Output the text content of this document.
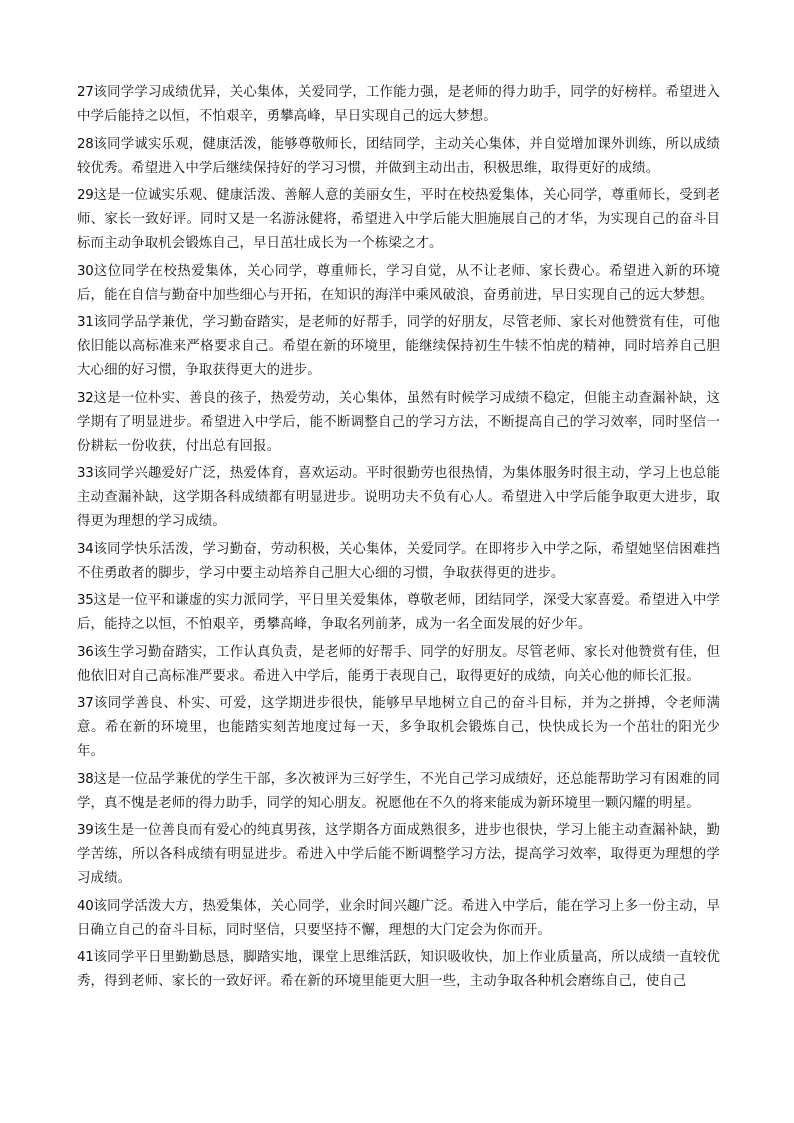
27该同学学习成绩优异，关心集体，关爱同学，工作能力强，是老师的得力助手，同学的好榜样。希望进入中学后能持之以恒，不怕艰辛，勇攀高峰，早日实现自己的远大梦想。

28该同学诚实乐观，健康活泼，能够尊敬师长，团结同学，主动关心集体，并自觉增加课外训练，所以成绩较优秀。希望进入中学后继续保持好的学习习惯，并做到主动出击，积极思维，取得更好的成绩。

29这是一位诚实乐观、健康活泼、善解人意的美丽女生，平时在校热爱集体，关心同学，尊重师长，受到老师、家长一致好评。同时又是一名游泳健将，希望进入中学后能大胆施展自己的才华，为实现自己的奋斗目标而主动争取机会锻炼自己，早日茁壮成长为一个栋梁之才。

30这位同学在校热爱集体，关心同学，尊重师长，学习自觉，从不让老师、家长费心。希望进入新的环境后，能在自信与勤奋中加些细心与开拓，在知识的海洋中乘风破浪，奋勇前进，早日实现自己的远大梦想。

31该同学品学兼优，学习勤奋踏实，是老师的好帮手，同学的好朋友，尽管老师、家长对他赞赏有佳，可他依旧能以高标准来严格要求自己。希望在新的环境里，能继续保持初生牛犊不怕虎的精神，同时培养自己胆大心细的好习惯，争取获得更大的进步。

32这是一位朴实、善良的孩子，热爱劳动，关心集体，虽然有时候学习成绩不稳定，但能主动查漏补缺，这学期有了明显进步。希望进入中学后，能不断调整自己的学习方法，不断提高自己的学习效率，同时坚信一份耕耘一份收获，付出总有回报。

33该同学兴趣爱好广泛，热爱体育，喜欢运动。平时很勤劳也很热情，为集体服务时很主动，学习上也总能主动查漏补缺，这学期各科成绩都有明显进步。说明功夫不负有心人。希望进入中学后能争取更大进步，取得更为理想的学习成绩。

34该同学快乐活泼，学习勤奋，劳动积极，关心集体，关爱同学。在即将步入中学之际，希望她坚信困难挡不住勇敢者的脚步，学习中要主动培养自己胆大心细的习惯，争取获得更的进步。

35这是一位平和谦虚的实力派同学，平日里关爱集体，尊敬老师，团结同学，深受大家喜爱。希望进入中学后，能持之以恒，不怕艰辛，勇攀高峰，争取名列前茅，成为一名全面发展的好少年。

36该生学习勤奋踏实，工作认真负责，是老师的好帮手、同学的好朋友。尽管老师、家长对他赞赏有佳，但他依旧对自己高标准严要求。希进入中学后，能勇于表现自己，取得更好的成绩，向关心他的师长汇报。

37该同学善良、朴实、可爱，这学期进步很快，能够早早地树立自己的奋斗目标，并为之拼搏，令老师满意。希在新的环境里，也能踏实刻苦地度过每一天，多争取机会锻炼自己，快快成长为一个茁壮的阳光少年。

38这是一位品学兼优的学生干部，多次被评为三好学生，不光自己学习成绩好，还总能帮助学习有困难的同学，真不愧是老师的得力助手，同学的知心朋友。祝愿他在不久的将来能成为新环境里一颗闪耀的明星。

39该生是一位善良而有爱心的纯真男孩，这学期各方面成熟很多，进步也很快，学习上能主动查漏补缺，勤学苦练，所以各科成绩有明显进步。希进入中学后能不断调整学习方法，提高学习效率，取得更为理想的学习成绩。

40该同学活泼大方，热爱集体，关心同学，业余时间兴趣广泛。希进入中学后，能在学习上多一份主动，早日确立自己的奋斗目标，同时坚信，只要坚持不懈，理想的大门定会为你而开。

41该同学平日里勤勤恳恳，脚踏实地，课堂上思维活跃，知识吸收快，加上作业质量高，所以成绩一直较优秀，得到老师、家长的一致好评。希在新的环境里能更大胆一些，主动争取各种机会磨练自己，使自己
